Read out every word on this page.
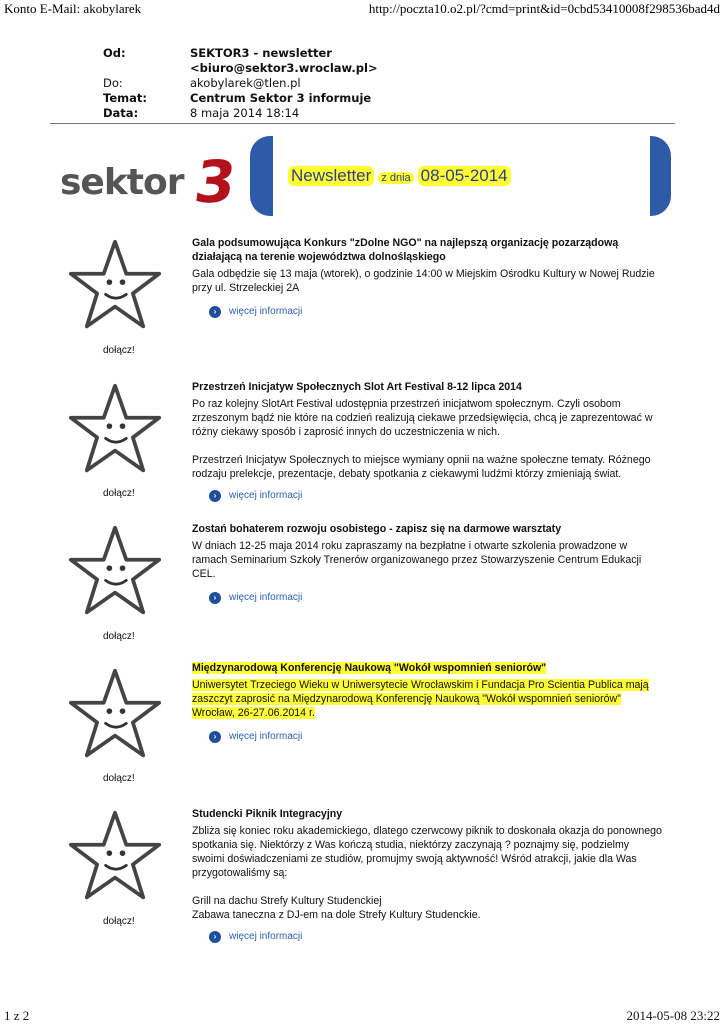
Konto E-Mail: akobylarek	http://poczta10.o2.pl/?cmd=print&id=0cbd53410008f298536bad4d
1 z 2	2014-05-08 23:22
Od:	SEKTOR3 - newsletter
<biuro@sektor3.wroclaw.pl>
Do:	akobylarek@tlen.pl
Temat:	Centrum Sektor 3 informuje
Data:	8 maja 2014 18:14
sektor 3	Newsletter z dnia 08-05-2014
dołącz!
Gala podsumowująca Konkurs "zDolne NGO" na najlepszą organizację pozarządową działającą na terenie województwa dolnośląskiego
Gala odbędzie się 13 maja (wtorek), o godzinie 14:00 w Miejskim Ośrodku Kultury w Nowej Rudzie przy ul. Strzeleckiej 2A
›	więcej informacji
dołącz!
Przestrzeń Inicjatyw Społecznych Slot Art Festival 8-12 lipca 2014
Po raz kolejny SlotArt Festival udostępnia przestrzeń inicjatwom społecznym. Czyli osobom zrzeszonym bądź nie które na codzień realizują ciekawe przedsięwięcia, chcą je zaprezentować w różny ciekawy sposób i zaprosić innych do uczestniczenia w nich.
Przestrzeń Inicjatyw Społecznych to miejsce wymiany opnii na ważne społeczne tematy. Różnego rodzaju prelekcje, prezentacje, debaty spotkania z ciekawymi ludźmi którzy zmieniają świat.
›	więcej informacji
dołącz!
Zostań bohaterem rozwoju osobistego - zapisz się na darmowe warsztaty
W dniach 12-25 maja 2014 roku zapraszamy na bezpłatne i otwarte szkolenia prowadzone w ramach Seminarium Szkoły Trenerów organizowanego przez Stowarzyszenie Centrum Edukacji CEL.
›	więcej informacji
dołącz!
Międzynarodową Konferencję Naukową "Wokół wspomnień seniorów"
Uniwersytet Trzeciego Wieku w Uniwersytecie Wrocławskim i Fundacja Pro Scientia Publica mają zaszczyt zaprosić na Międzynarodową Konferencję Naukową "Wokół wspomnień seniorów" Wrocław, 26-27.06.2014 r.
›	więcej informacji
dołącz!
Studencki Piknik Integracyjny
Zbliża się koniec roku akademickiego, dlatego czerwcowy piknik to doskonała okazja do ponownego spotkania się. Niektórzy z Was kończą studia, niektórzy zaczynają ? poznajmy się, podzielmy swoimi doświadczeniami ze studiów, promujmy swoją aktywność! Wśród atrakcji, jakie dla Was przygotowaliśmy są:
Grill na dachu Strefy Kultury Studenckiej
Zabawa taneczna z DJ-em na dole Strefy Kultury Studenckie.
›	więcej informacji
